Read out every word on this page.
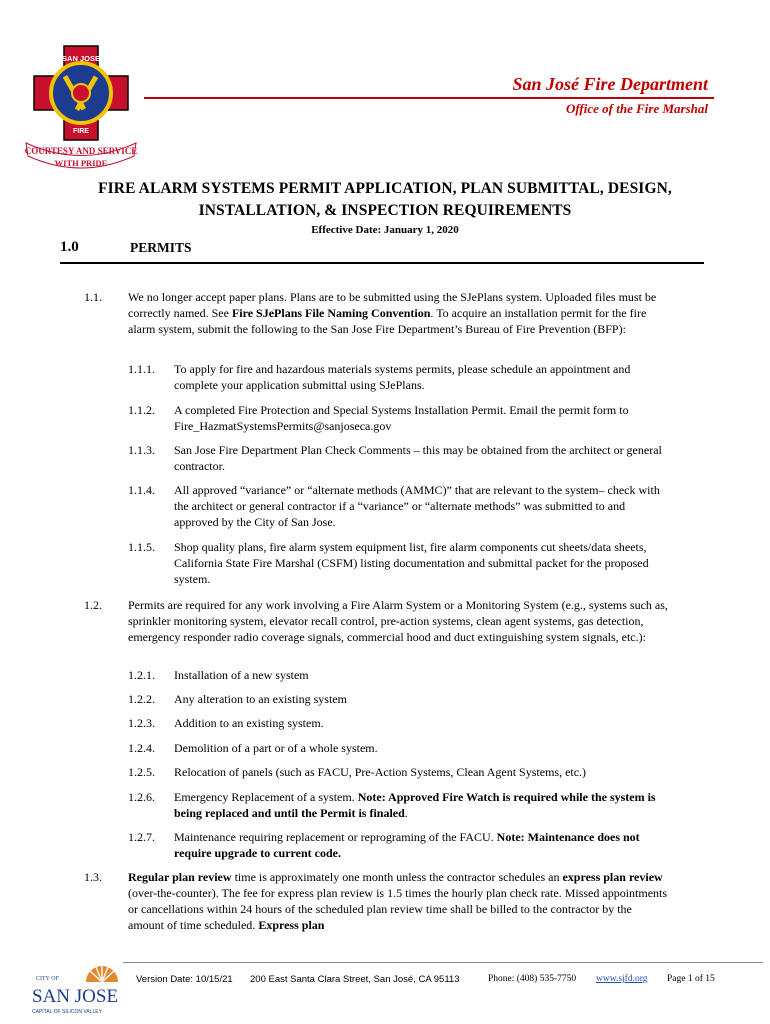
SAN JOSE
FIRE
COURTESY AND SERVICE
WITH PRIDE
San José Fire Department
Office of the Fire Marshal
FIRE ALARM SYSTEMS PERMIT APPLICATION, PLAN SUBMITTAL, DESIGN,
INSTALLATION, & INSPECTION REQUIREMENTS
Effective Date: January 1, 2020
1.0	PERMITS
1.1. We no longer accept paper plans. Plans are to be submitted using the SJePlans system. Uploaded files must be correctly named. See Fire SJePlans File Naming Convention. To acquire an installation permit for the fire alarm system, submit the following to the San Jose Fire Department’s Bureau of Fire Prevention (BFP):
1.1.1. To apply for fire and hazardous materials systems permits, please schedule an appointment and complete your application submittal using SJePlans.
1.1.2. A completed Fire Protection and Special Systems Installation Permit. Email the permit form to Fire_HazmatSystemsPermits@sanjoseca.gov
1.1.3. San Jose Fire Department Plan Check Comments – this may be obtained from the architect or general contractor.
1.1.4. All approved “variance” or “alternate methods (AMMC)” that are relevant to the system– check with the architect or general contractor if a “variance” or “alternate methods” was submitted to and approved by the City of San Jose.
1.1.5. Shop quality plans, fire alarm system equipment list, fire alarm components cut sheets/data sheets, California State Fire Marshal (CSFM) listing documentation and submittal packet for the proposed system.
1.2. Permits are required for any work involving a Fire Alarm System or a Monitoring System (e.g., systems such as, sprinkler monitoring system, elevator recall control, pre-action systems, clean agent systems, gas detection, emergency responder radio coverage signals, commercial hood and duct extinguishing system signals, etc.):
1.2.1. Installation of a new system
1.2.2. Any alteration to an existing system
1.2.3. Addition to an existing system.
1.2.4. Demolition of a part or of a whole system.
1.2.5. Relocation of panels (such as FACU, Pre-Action Systems, Clean Agent Systems, etc.)
1.2.6. Emergency Replacement of a system. Note: Approved Fire Watch is required while the system is being replaced and until the Permit is finaled.
1.2.7. Maintenance requiring replacement or reprograming of the FACU. Note: Maintenance does not require upgrade to current code.
1.3. Regular plan review time is approximately one month unless the contractor schedules an express plan review (over-the-counter). The fee for express plan review is 1.5 times the hourly plan check rate. Missed appointments or cancellations within 24 hours of the scheduled plan review time shall be billed to the contractor by the amount of time scheduled. Express plan
CITY OF
SAN JOSE
CAPITAL OF SILICON VALLEY
Version Date: 10/15/21 200 East Santa Clara Street, San José, CA 95113	Phone: (408) 535-7750 www.sjfd.org Page 1 of 15
